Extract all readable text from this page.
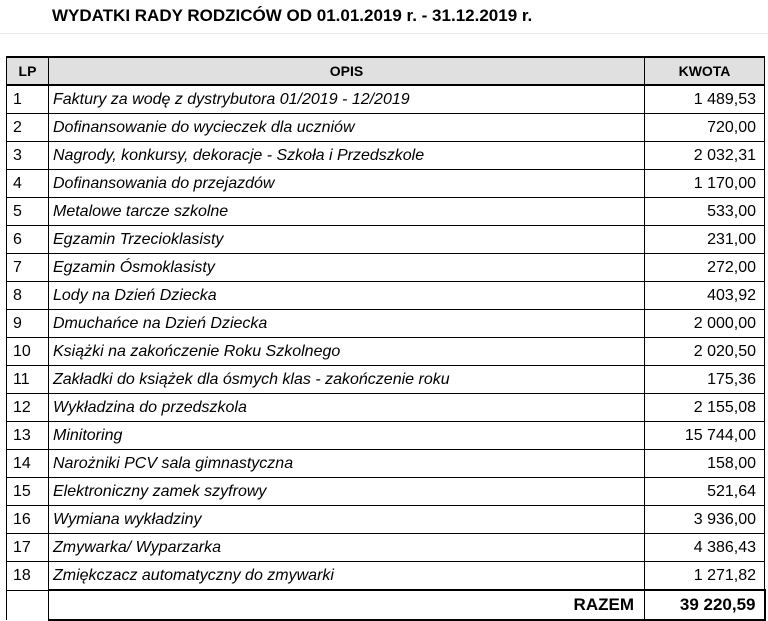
WYDATKI RADY RODZICÓW OD 01.01.2019 r. - 31.12.2019 r.
LP	OPIS	KWOTA
1	Faktury za wodę z dystrybutora 01/2019 - 12/2019	1 489,53
2	Dofinansowanie do wycieczek dla uczniów	720,00
3	Nagrody, konkursy, dekoracje - Szkoła i Przedszkole	2 032,31
4	Dofinansowania do przejazdów	1 170,00
5	Metalowe tarcze szkolne	533,00
6	Egzamin Trzecioklasisty	231,00
7	Egzamin Ósmoklasisty	272,00
8	Lody na Dzień Dziecka	403,92
9	Dmuchańce na Dzień Dziecka	2 000,00
10	Książki na zakończenie Roku Szkolnego	2 020,50
11	Zakładki do książek dla ósmych klas - zakończenie roku	175,36
12	Wykładzina do przedszkola	2 155,08
13	Minitoring	15 744,00
14	Narożniki PCV sala gimnastyczna	158,00
15	Elektroniczny zamek szyfrowy	521,64
16	Wymiana wykładziny	3 936,00
17	Zmywarka/ Wyparzarka	4 386,43
18	Zmiękczacz automatyczny do zmywarki	1 271,82
	RAZEM	39 220,59
